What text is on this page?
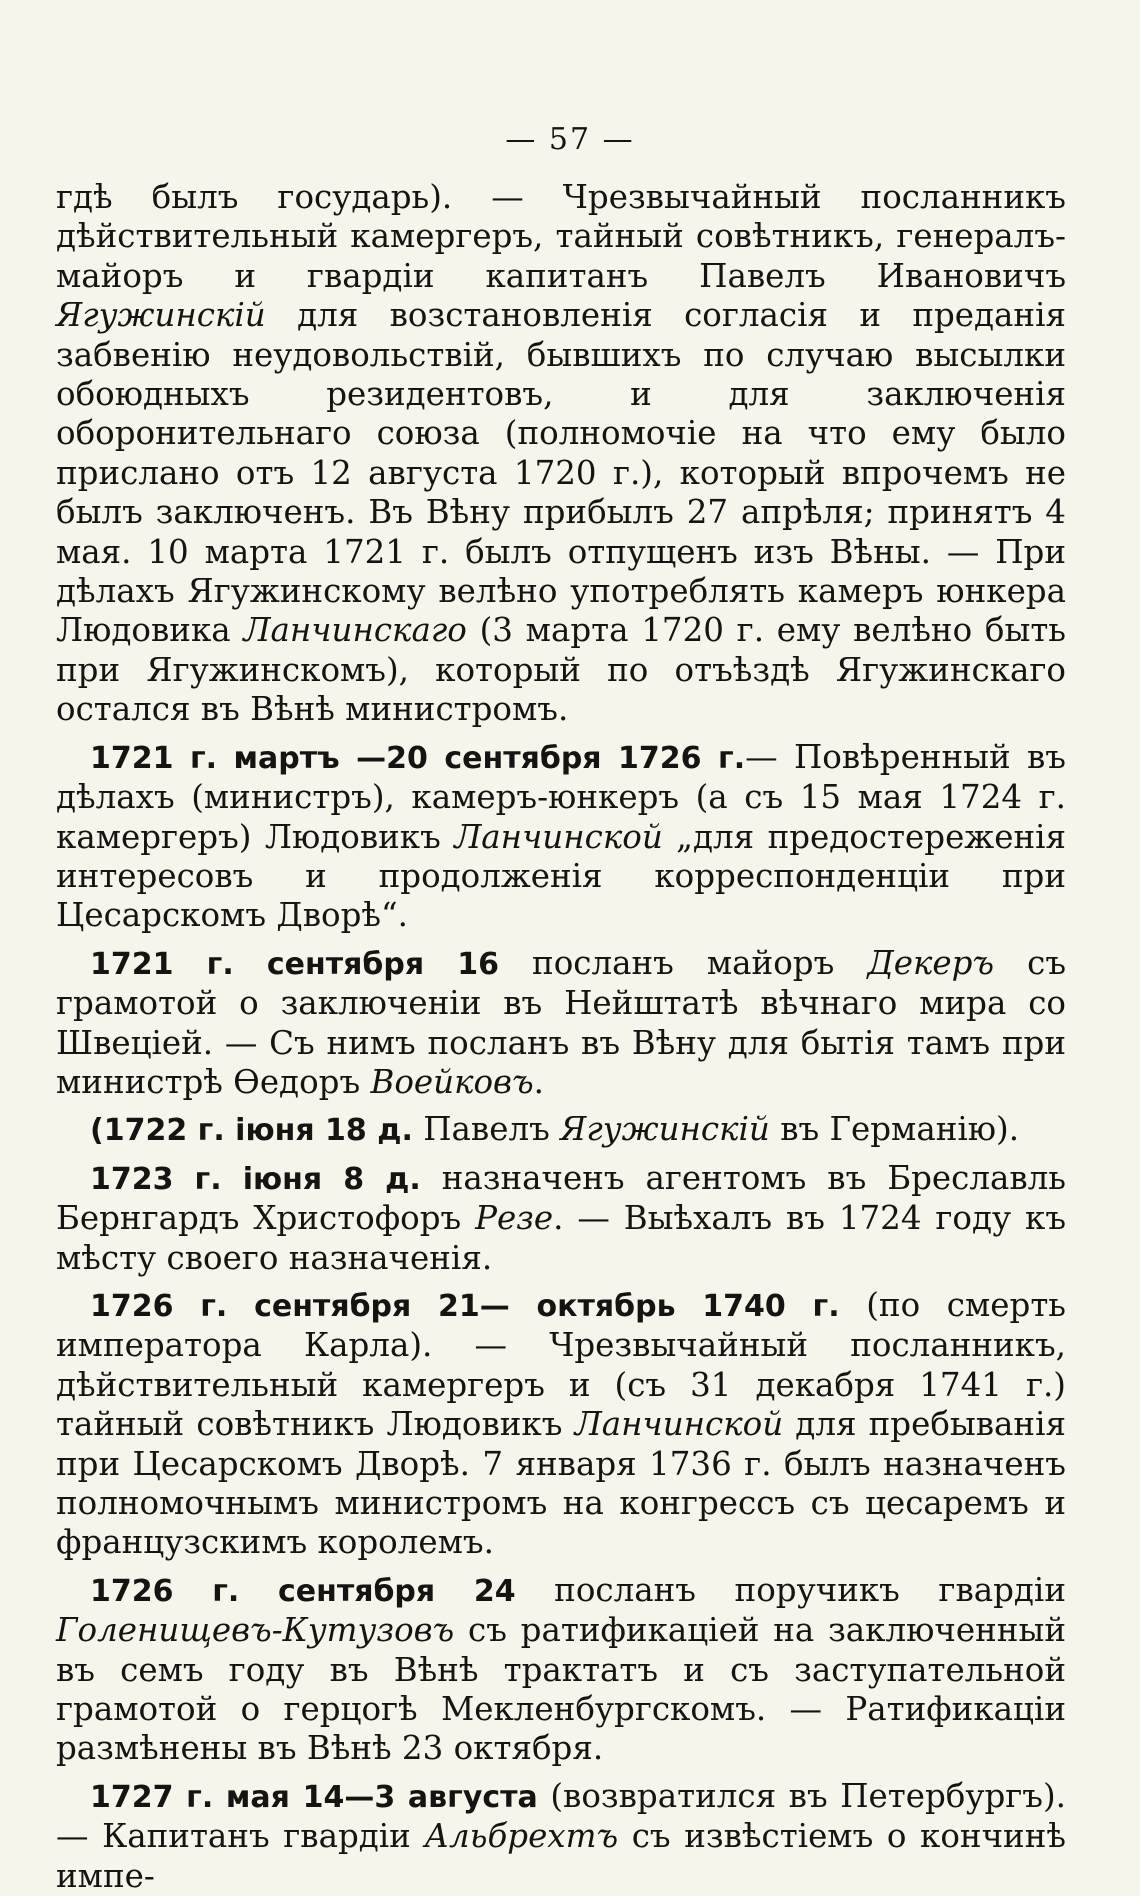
— 57 —

гдѣ былъ государь). — Чрезвычайный посланникъ дѣйствительный камергеръ, тайный совѣтникъ, генералъ-майоръ и гвардіи капитанъ Павелъ Ивановичъ Ягужинскій для возстановленія согласія и преданія забвенію неудовольствій, бывшихъ по случаю высылки обоюдныхъ резидентовъ, и для заключенія оборонительнаго союза (полномочіе на что ему было прислано отъ 12 августа 1720 г.), который впрочемъ не былъ заключенъ. Въ Вѣну прибылъ 27 апрѣля; принятъ 4 мая. 10 марта 1721 г. былъ отпущенъ изъ Вѣны. — При дѣлахъ Ягужинскому велѣно употреблять камеръ юнкера Людовика Ланчинскаго (3 марта 1720 г. ему велѣно быть при Ягужинскомъ), который по отъѣздѣ Ягужинскаго остался въ Вѣнѣ министромъ.

1721 г. мартъ —20 сентября 1726 г.— Повѣренный въ дѣлахъ (министръ), камеръ-юнкеръ (а съ 15 мая 1724 г. камергеръ) Людовикъ Ланчинской „для предостереженія интересовъ и продолженія корреспонденціи при Цесарскомъ Дворѣ“.

1721 г. сентября 16 посланъ майоръ Декеръ съ грамотой о заключеніи въ Нейштатѣ вѣчнаго мира со Швеціей. — Съ нимъ посланъ въ Вѣну для бытія тамъ при министрѣ Ѳедоръ Воейковъ.

(1722 г. іюня 18 д. Павелъ Ягужинскій въ Германію).

1723 г. іюня 8 д. назначенъ агентомъ въ Бреславль Бернгардъ Христофоръ Резе. — Выѣхалъ въ 1724 году къ мѣсту своего назначенія.

1726 г. сентября 21— октябрь 1740 г. (по смерть императора Карла). — Чрезвычайный посланникъ, дѣйствительный камергеръ и (съ 31 декабря 1741 г.) тайный совѣтникъ Людовикъ Ланчинской для пребыванія при Цесарскомъ Дворѣ. 7 января 1736 г. былъ назначенъ полномочнымъ министромъ на конгрессъ съ цесаремъ и французскимъ королемъ.

1726 г. сентября 24 посланъ поручикъ гвардіи Голенищевъ-Кутузовъ съ ратификаціей на заключенный въ семъ году въ Вѣнѣ трактатъ и съ заступательной грамотой о герцогѣ Мекленбургскомъ. — Ратификаціи размѣнены въ Вѣнѣ 23 октября.

1727 г. мая 14—3 августа (возвратился въ Петербургъ). — Капитанъ гвардіи Альбрехтъ съ извѣстіемъ о кончинѣ импе-
